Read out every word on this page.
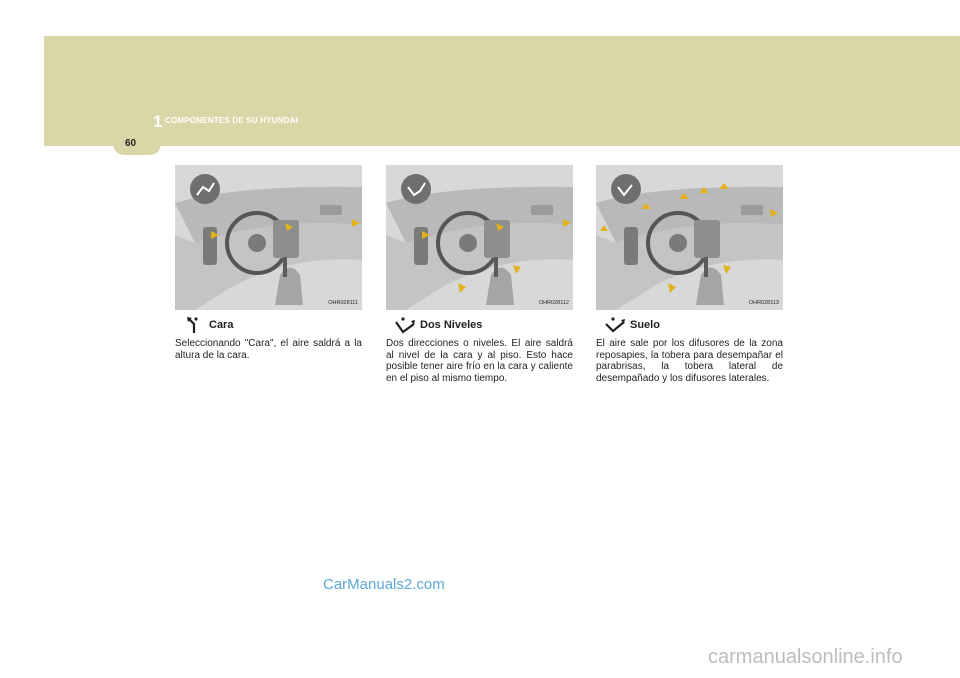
1 COMPONENTES DE SU HYUNDAI
60
OHR028111
Cara
Seleccionando "Cara", el aire saldrá a la altura de la cara.
OHR028112
Dos Niveles
Dos direcciones o niveles. El aire saldrá al nivel de la cara y al piso. Esto hace posible tener aire frío en la cara y caliente en el piso al mismo tiempo.
OHR028113
Suelo
El aire sale por los difusores de la zona reposapies, la tobera para desempañar el parabrisas, la tobera lateral de desempañado y los difusores laterales.
CarManuals2.com
carmanualsonline.info
